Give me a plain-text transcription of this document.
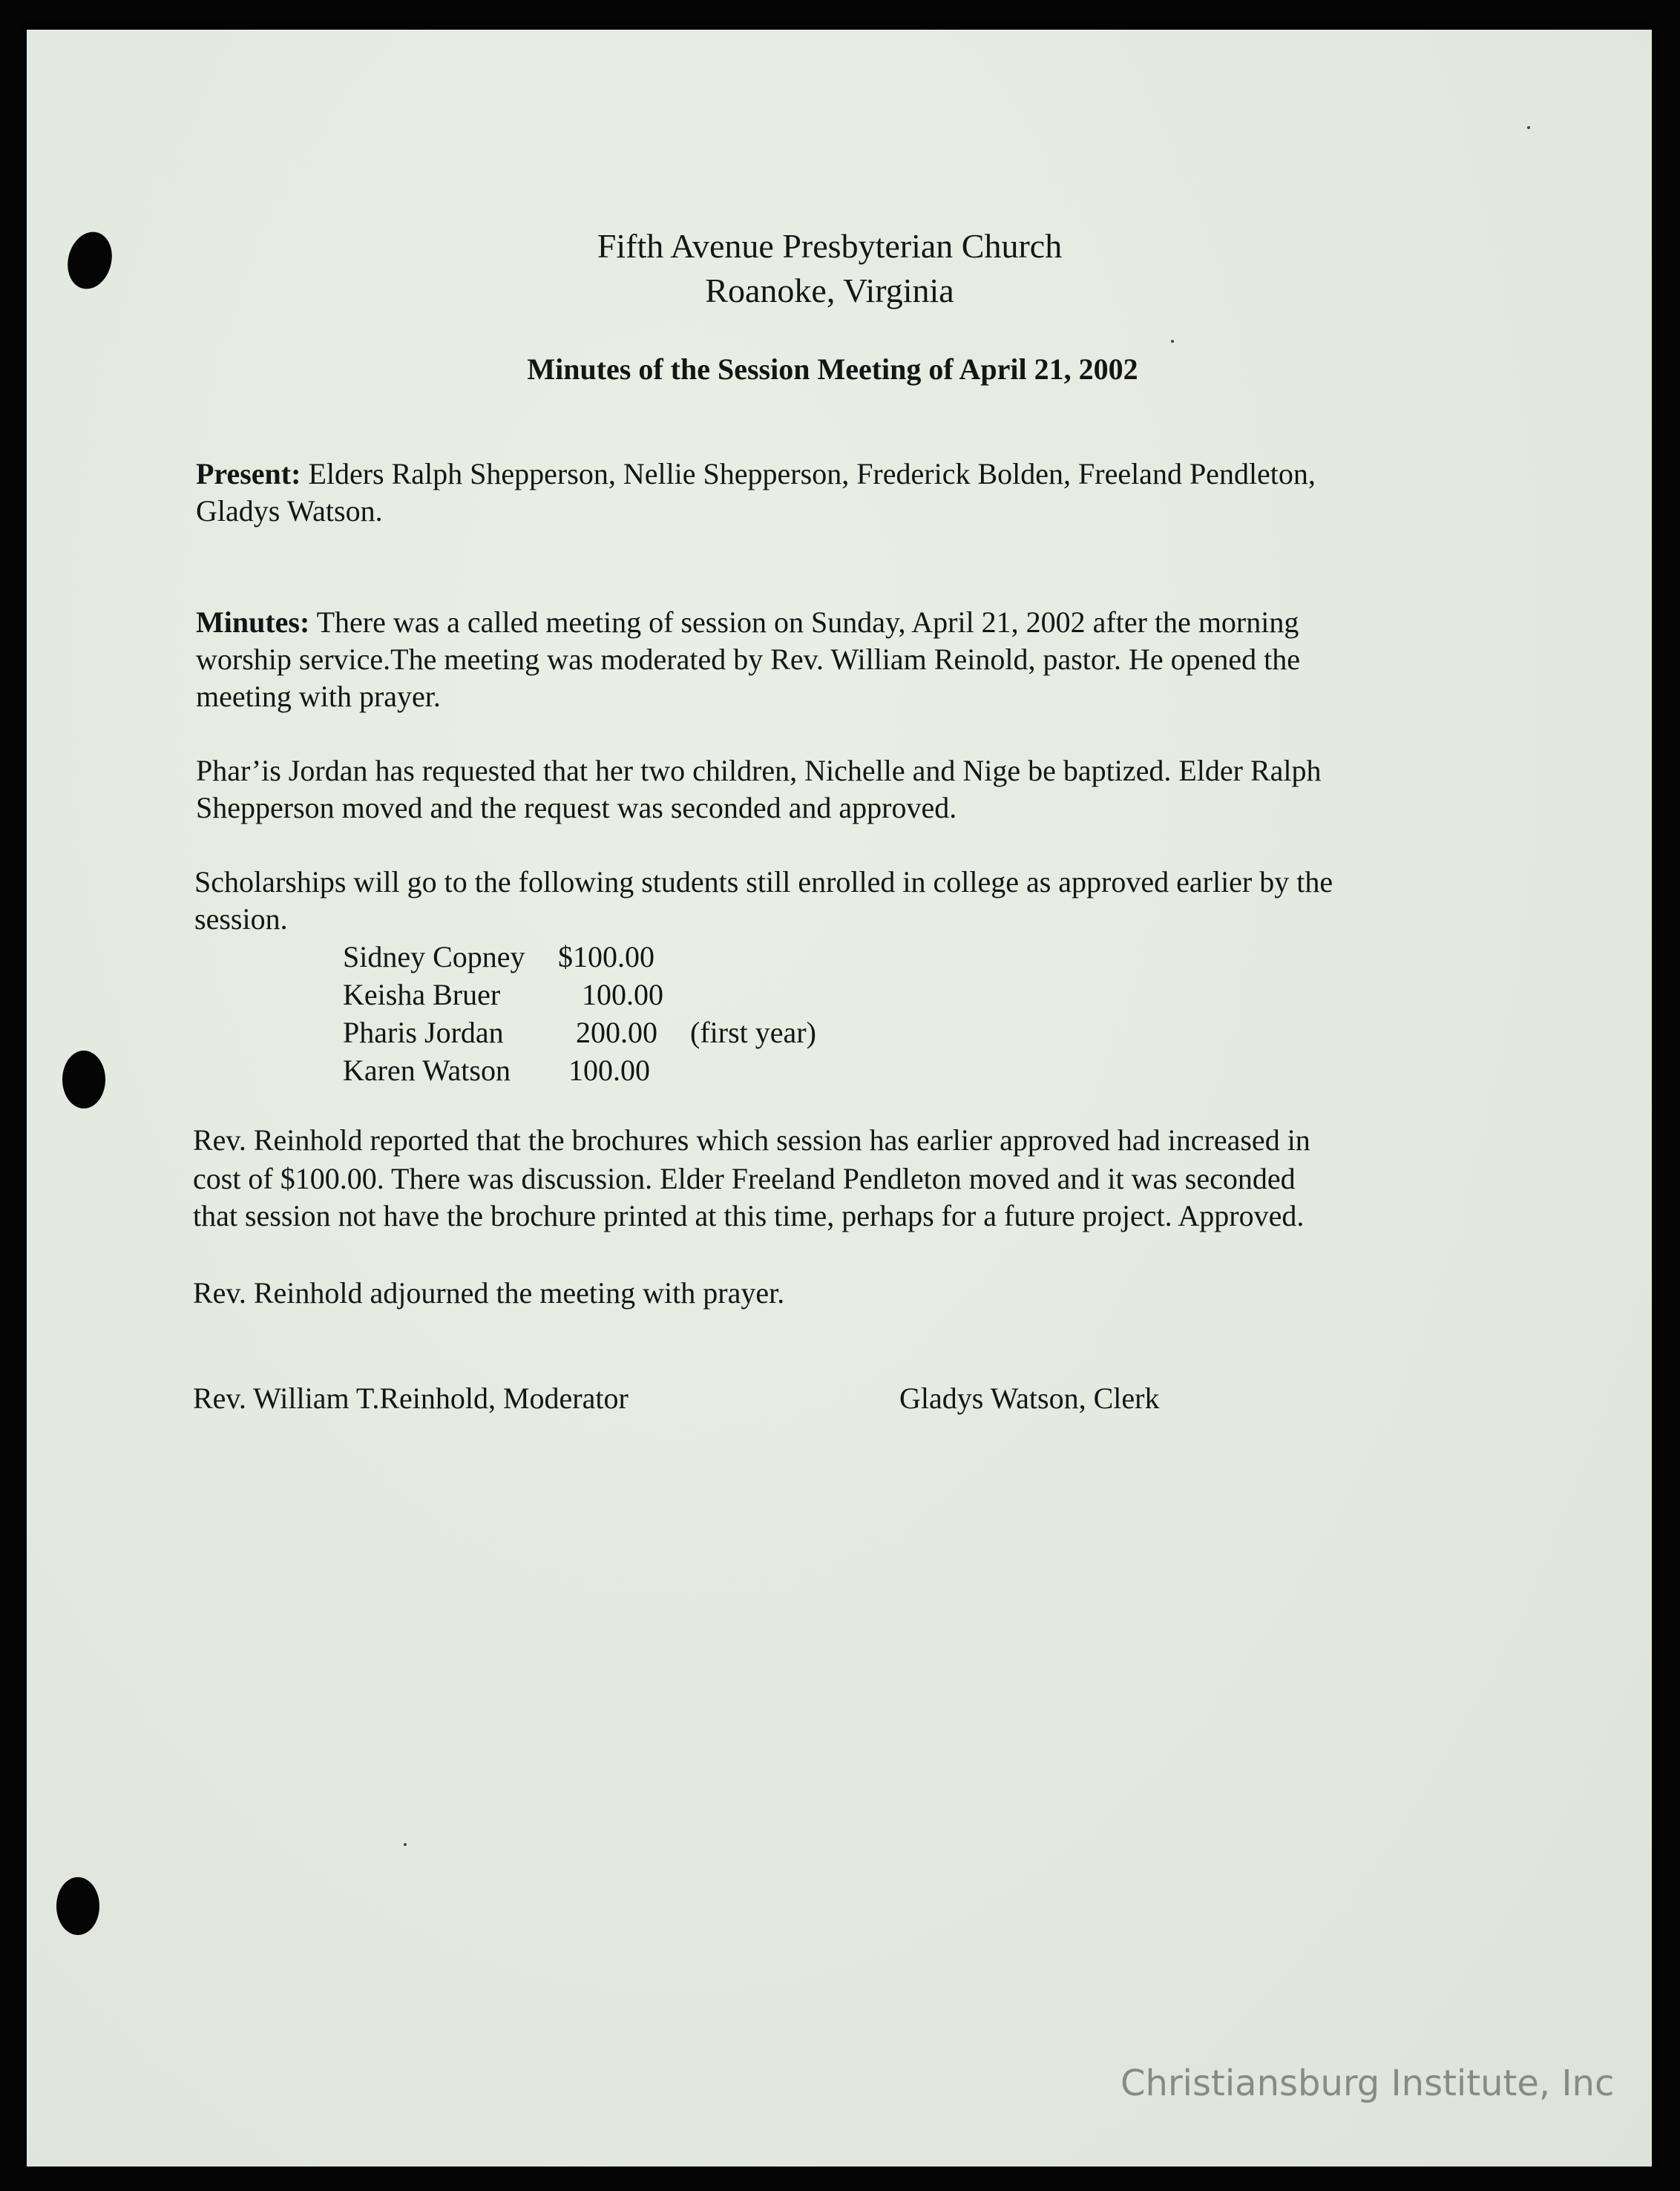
Fifth Avenue Presbyterian Church

Roanoke, Virginia

Minutes of the Session Meeting of April 21, 2002

Present: Elders Ralph Shepperson, Nellie Shepperson, Frederick Bolden, Freeland Pendleton,

Gladys Watson.

Minutes: There was a called meeting of session on Sunday, April 21, 2002 after the morning

worship service.The meeting was moderated by Rev. William Reinold, pastor. He opened the

meeting with prayer.

Phar’is Jordan has requested that her two children, Nichelle and Nige be baptized. Elder Ralph

Shepperson moved and the request was seconded and approved.

Scholarships will go to the following students still enrolled in college as approved earlier by the

session.

Sidney Copney	$100.00	
Keisha Bruer	100.00	
Pharis Jordan	200.00	(first year)
Karen Watson	100.00	

Rev. Reinhold reported that the brochures which session has earlier approved had increased in

cost of $100.00. There was discussion. Elder Freeland Pendleton moved and it was seconded

that session not have the brochure printed at this time, perhaps for a future project. Approved.

Rev. Reinhold adjourned the meeting with prayer.

Rev. William T.Reinhold, Moderator	Gladys Watson, Clerk
Christiansburg Institute, Inc
